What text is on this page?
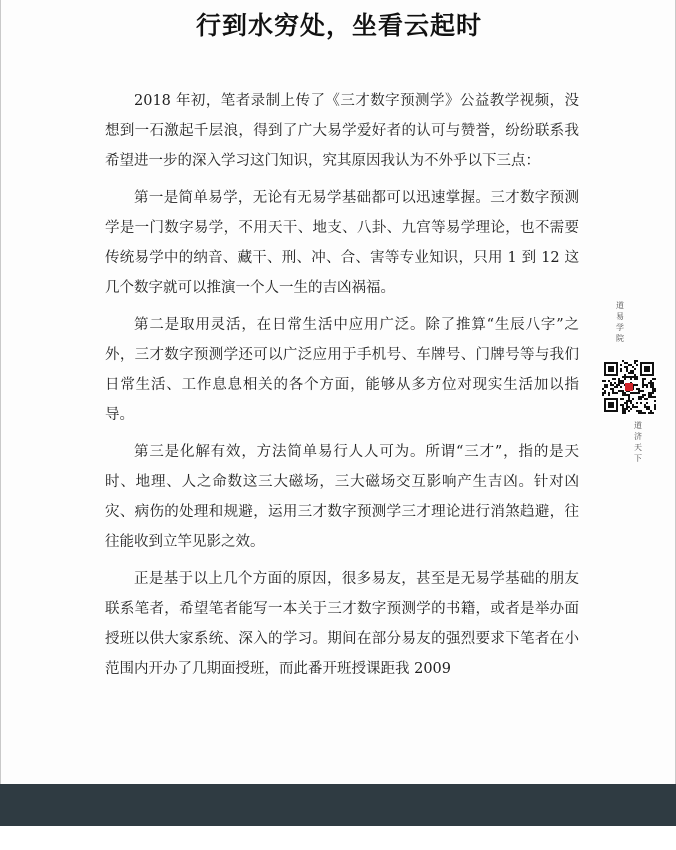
行到水穷处，坐看云起时

2018 年初，笔者录制上传了《三才数字预测学》公益教学视频，没想到一石激起千层浪，得到了广大易学爱好者的认可与赞誉，纷纷联系我希望进一步的深入学习这门知识，究其原因我认为不外乎以下三点：

第一是简单易学，无论有无易学基础都可以迅速掌握。三才数字预测学是一门数字易学，不用天干、地支、八卦、九宫等易学理论，也不需要传统易学中的纳音、藏干、刑、冲、合、害等专业知识，只用 1 到 12 这几个数字就可以推演一个人一生的吉凶祸福。

第二是取用灵活，在日常生活中应用广泛。除了推算“生辰八字”之外，三才数字预测学还可以广泛应用于手机号、车牌号、门牌号等与我们日常生活、工作息息相关的各个方面，能够从多方位对现实生活加以指导。

第三是化解有效，方法简单易行人人可为。所谓“三才”，指的是天时、地理、人之命数这三大磁场，三大磁场交互影响产生吉凶。针对凶灾、病伤的处理和规避，运用三才数字预测学三才理论进行消煞趋避，往往能收到立竿见影之效。

正是基于以上几个方面的原因，很多易友，甚至是无易学基础的朋友联系笔者，希望笔者能写一本关于三才数字预测学的书籍，或者是举办面授班以供大家系统、深入的学习。期间在部分易友的强烈要求下笔者在小范围内开办了几期面授班，而此番开班授课距我 2009

道易学院
道济天下
